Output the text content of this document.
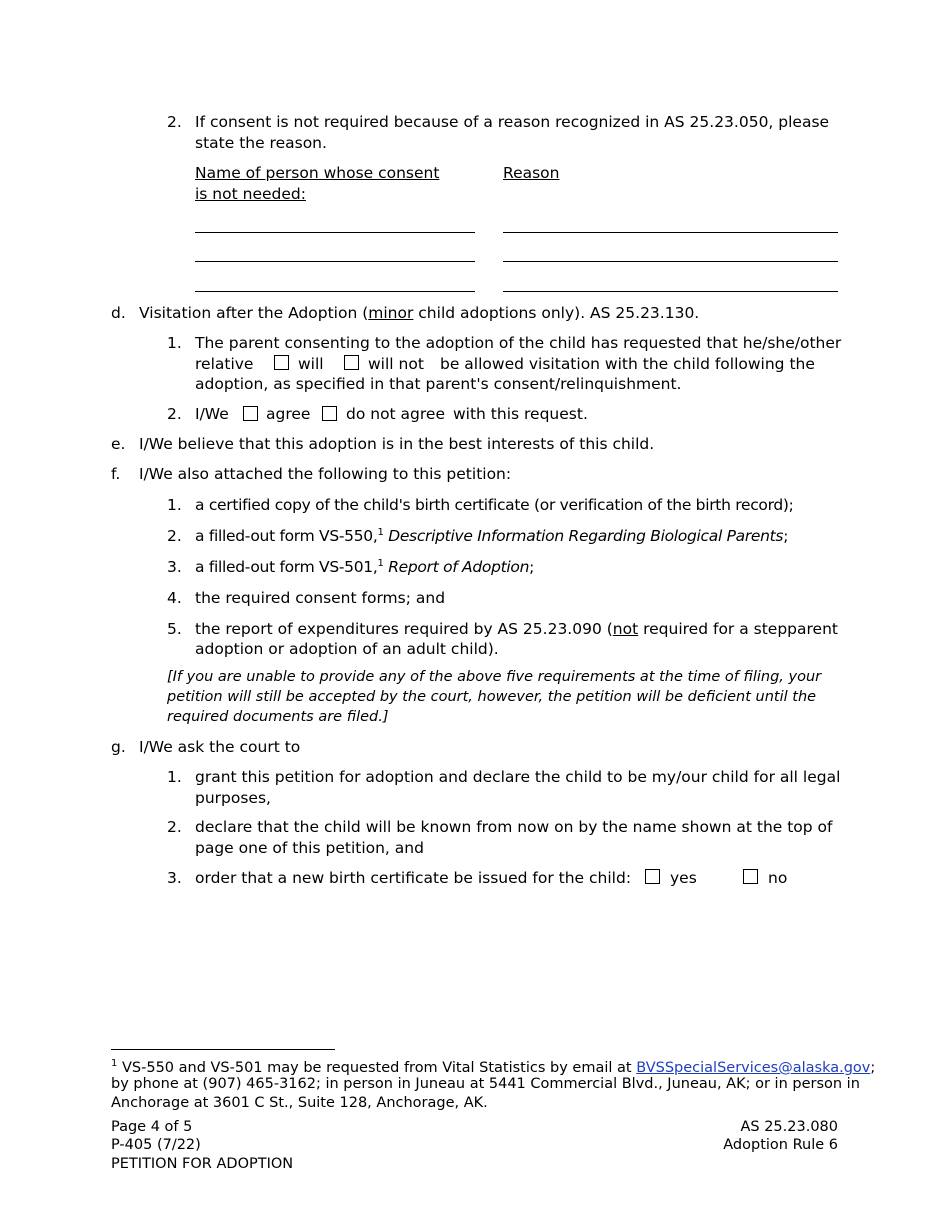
2. If consent is not required because of a reason recognized in AS 25.23.050, please
state the reason.
Name of person whose consent
is not needed:
Reason
d. Visitation after the Adoption (minor child adoptions only). AS 25.23.130.
1. The parent consenting to the adoption of the child has requested that he/she/other
relative	will	will not be allowed visitation with the child following the
adoption, as specified in that parent's consent/relinquishment.
2. I/We agree do not agree with this request.
e. I/We believe that this adoption is in the best interests of this child.
f. I/We also attached the following to this petition:
1. a certified copy of the child's birth certificate (or verification of the birth record);
2. a filled-out form VS-550,$^1$ Descriptive Information Regarding Biological Parents;
3. a filled-out form VS-501,$^1$ Report of Adoption;
4. the required consent forms; and
5. the report of expenditures required by AS 25.23.090 (not required for a stepparent
adoption or adoption of an adult child).
[If you are unable to provide any of the above five requirements at the time of filing, your
petition will still be accepted by the court, however, the petition will be deficient until the
required documents are filed.]
g. I/We ask the court to
1. grant this petition for adoption and declare the child to be my/our child for all legal
purposes,
2. declare that the child will be known from now on by the name shown at the top of
page one of this petition, and
3. order that a new birth certificate be issued for the child:	yes	no
$^1$ VS-550 and VS-501 may be requested from Vital Statistics by email at BVSSpecialServices@alaska.gov;
by phone at (907) 465-3162; in person in Juneau at 5441 Commercial Blvd., Juneau, AK; or in person in
Anchorage at 3601 C St., Suite 128, Anchorage, AK.
Page 4 of 5
P-405 (7/22)
PETITION FOR ADOPTION
AS 25.23.080
Adoption Rule 6
